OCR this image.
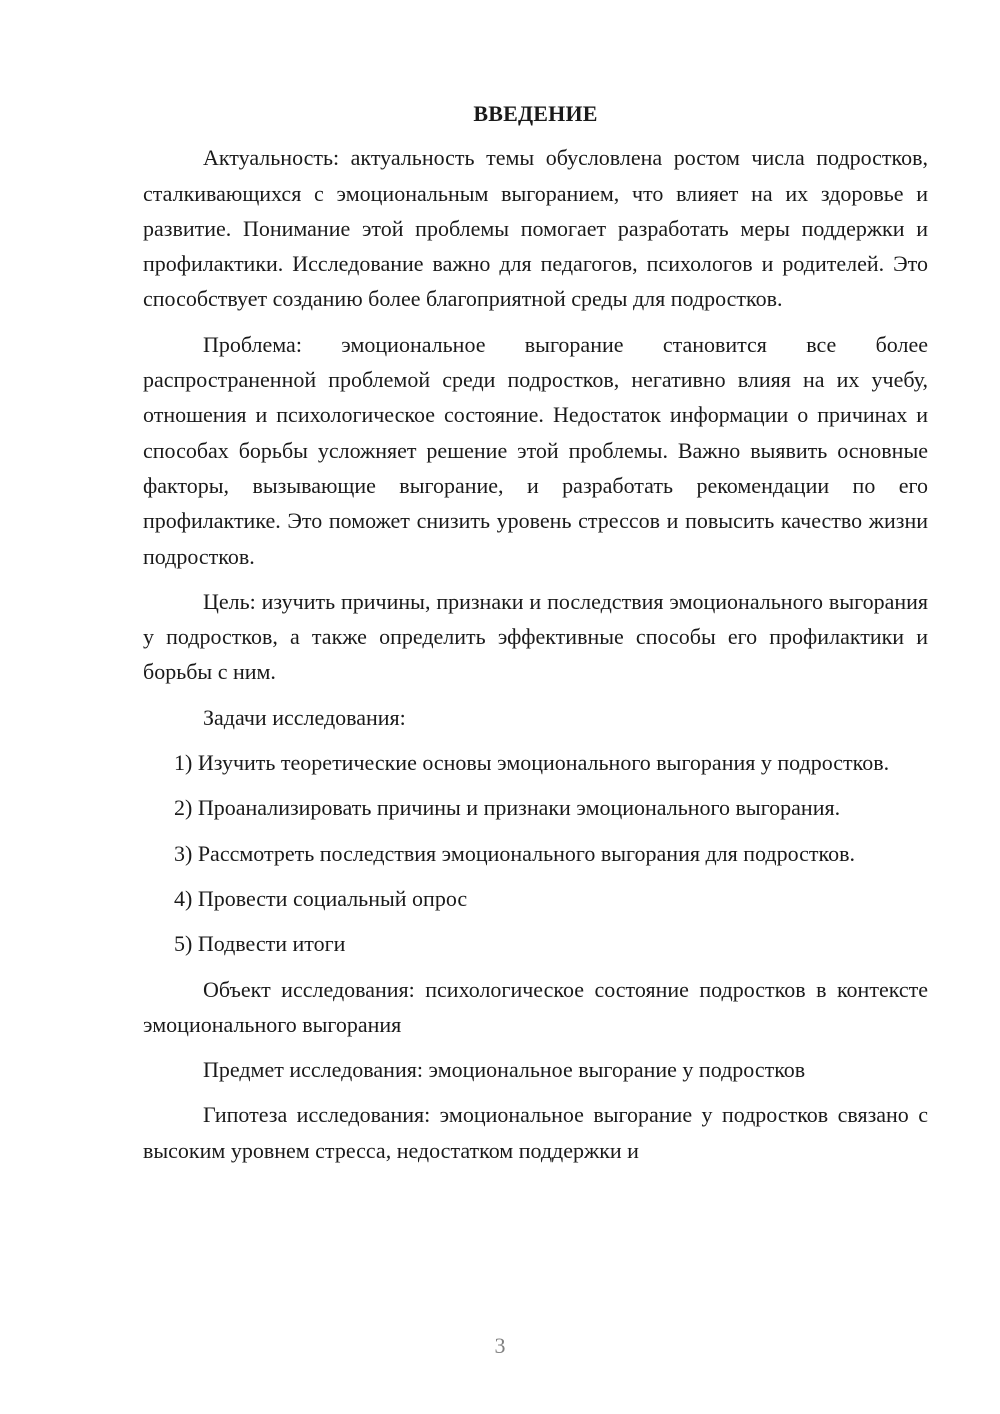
ВВЕДЕНИЕ

Актуальность: актуальность темы обусловлена ростом числа подростков, сталкивающихся с эмоциональным выгоранием, что влияет на их здоровье и развитие. Понимание этой проблемы помогает разработать меры поддержки и профилактики. Исследование важно для педагогов, психологов и родителей. Это способствует созданию более благоприятной среды для подростков.

Проблема: эмоциональное выгорание становится все более распространенной проблемой среди подростков, негативно влияя на их учебу, отношения и психологическое состояние. Недостаток информации о причинах и способах борьбы усложняет решение этой проблемы. Важно выявить основные факторы, вызывающие выгорание, и разработать рекомендации по его профилактике. Это поможет снизить уровень стрессов и повысить качество жизни подростков.

Цель: изучить причины, признаки и последствия эмоционального выгорания у подростков, а также определить эффективные способы его профилактики и борьбы с ним.

Задачи исследования:

1) Изучить теоретические основы эмоционального выгорания у подростков.

2) Проанализировать причины и признаки эмоционального выгорания.

3) Рассмотреть последствия эмоционального выгорания для подростков.

4) Провести социальный опрос

5) Подвести итоги

Объект исследования: психологическое состояние подростков в контексте эмоционального выгорания

Предмет исследования: эмоциональное выгорание у подростков

Гипотеза исследования: эмоциональное выгорание у подростков связано с высоким уровнем стресса, недостатком поддержки и

3
